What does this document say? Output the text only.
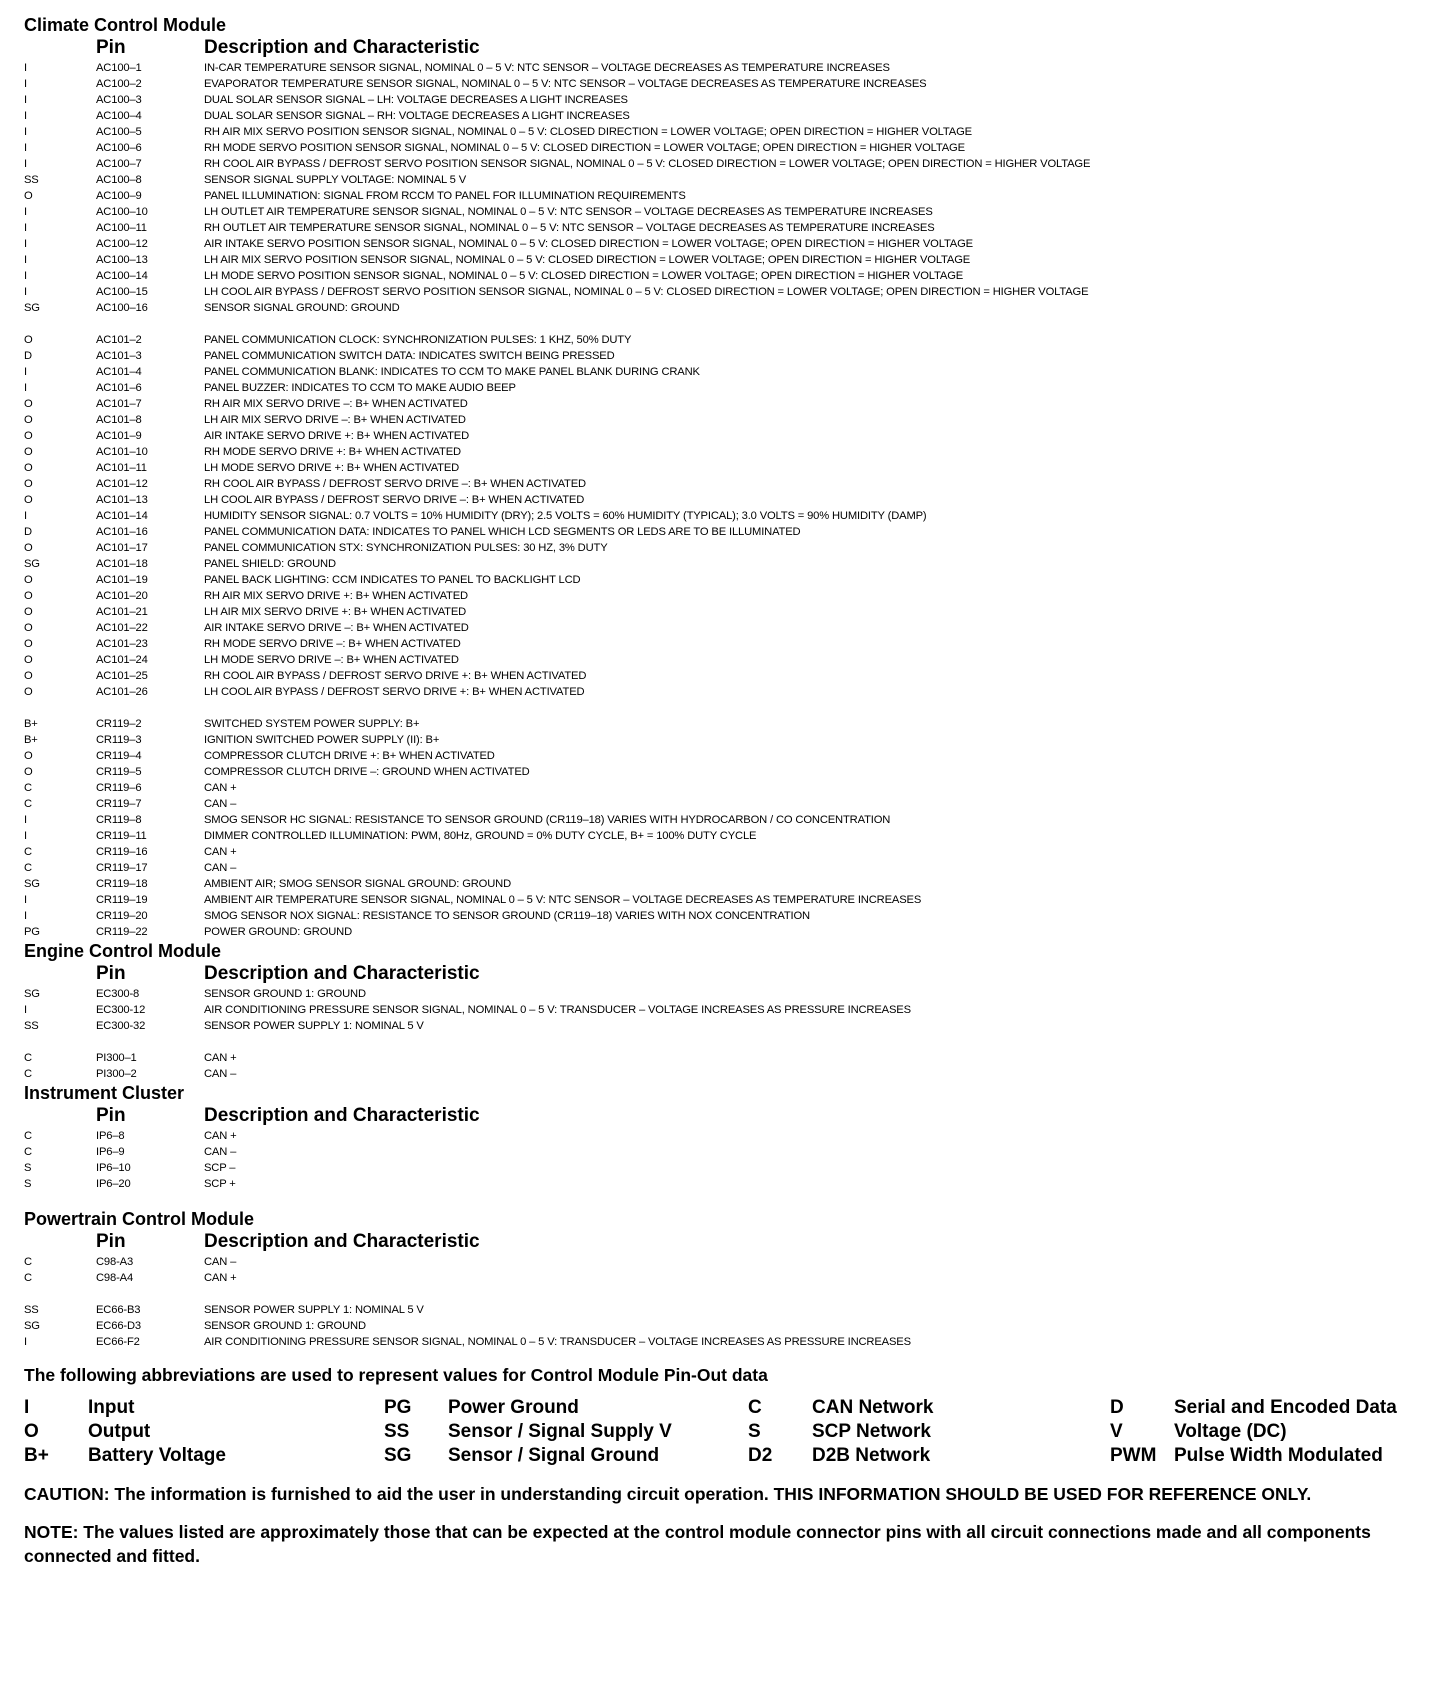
Climate Control Module
Pin	Description and Characteristic
I	AC100–1	IN-CAR TEMPERATURE SENSOR SIGNAL, NOMINAL 0 – 5 V: NTC SENSOR – VOLTAGE DECREASES AS TEMPERATURE INCREASES
I	AC100–2	EVAPORATOR TEMPERATURE SENSOR SIGNAL, NOMINAL 0 – 5 V: NTC SENSOR – VOLTAGE DECREASES AS TEMPERATURE INCREASES
I	AC100–3	DUAL SOLAR SENSOR SIGNAL – LH: VOLTAGE DECREASES A LIGHT INCREASES
I	AC100–4	DUAL SOLAR SENSOR SIGNAL – RH: VOLTAGE DECREASES A LIGHT INCREASES
I	AC100–5	RH AIR MIX SERVO POSITION SENSOR SIGNAL, NOMINAL 0 – 5 V: CLOSED DIRECTION = LOWER VOLTAGE; OPEN DIRECTION = HIGHER VOLTAGE
I	AC100–6	RH MODE SERVO POSITION SENSOR SIGNAL, NOMINAL 0 – 5 V: CLOSED DIRECTION = LOWER VOLTAGE; OPEN DIRECTION = HIGHER VOLTAGE
I	AC100–7	RH COOL AIR BYPASS / DEFROST SERVO POSITION SENSOR SIGNAL, NOMINAL 0 – 5 V: CLOSED DIRECTION = LOWER VOLTAGE; OPEN DIRECTION = HIGHER VOLTAGE
SS	AC100–8	SENSOR SIGNAL SUPPLY VOLTAGE: NOMINAL 5 V
O	AC100–9	PANEL ILLUMINATION: SIGNAL FROM RCCM TO PANEL FOR ILLUMINATION REQUIREMENTS
I	AC100–10	LH OUTLET AIR TEMPERATURE SENSOR SIGNAL, NOMINAL 0 – 5 V: NTC SENSOR – VOLTAGE DECREASES AS TEMPERATURE INCREASES
I	AC100–11	RH OUTLET AIR TEMPERATURE SENSOR SIGNAL, NOMINAL 0 – 5 V: NTC SENSOR – VOLTAGE DECREASES AS TEMPERATURE INCREASES
I	AC100–12	AIR INTAKE SERVO POSITION SENSOR SIGNAL, NOMINAL 0 – 5 V: CLOSED DIRECTION = LOWER VOLTAGE; OPEN DIRECTION = HIGHER VOLTAGE
I	AC100–13	LH AIR MIX SERVO POSITION SENSOR SIGNAL, NOMINAL 0 – 5 V: CLOSED DIRECTION = LOWER VOLTAGE; OPEN DIRECTION = HIGHER VOLTAGE
I	AC100–14	LH MODE SERVO POSITION SENSOR SIGNAL, NOMINAL 0 – 5 V: CLOSED DIRECTION = LOWER VOLTAGE; OPEN DIRECTION = HIGHER VOLTAGE
I	AC100–15	LH COOL AIR BYPASS / DEFROST SERVO POSITION SENSOR SIGNAL, NOMINAL 0 – 5 V: CLOSED DIRECTION = LOWER VOLTAGE; OPEN DIRECTION = HIGHER VOLTAGE
SG	AC100–16	SENSOR SIGNAL GROUND: GROUND
O	AC101–2	PANEL COMMUNICATION CLOCK: SYNCHRONIZATION PULSES: 1 KHZ, 50% DUTY
D	AC101–3	PANEL COMMUNICATION SWITCH DATA: INDICATES SWITCH BEING PRESSED
I	AC101–4	PANEL COMMUNICATION BLANK: INDICATES TO CCM TO MAKE PANEL BLANK DURING CRANK
I	AC101–6	PANEL BUZZER: INDICATES TO CCM TO MAKE AUDIO BEEP
O	AC101–7	RH AIR MIX SERVO DRIVE –: B+ WHEN ACTIVATED
O	AC101–8	LH AIR MIX SERVO DRIVE –: B+ WHEN ACTIVATED
O	AC101–9	AIR INTAKE SERVO DRIVE +: B+ WHEN ACTIVATED
O	AC101–10	RH MODE SERVO DRIVE +: B+ WHEN ACTIVATED
O	AC101–11	LH MODE SERVO DRIVE +: B+ WHEN ACTIVATED
O	AC101–12	RH COOL AIR BYPASS / DEFROST SERVO DRIVE –: B+ WHEN ACTIVATED
O	AC101–13	LH COOL AIR BYPASS / DEFROST SERVO DRIVE –: B+ WHEN ACTIVATED
I	AC101–14	HUMIDITY SENSOR SIGNAL: 0.7 VOLTS = 10% HUMIDITY (DRY); 2.5 VOLTS = 60% HUMIDITY (TYPICAL); 3.0 VOLTS = 90% HUMIDITY (DAMP)
D	AC101–16	PANEL COMMUNICATION DATA: INDICATES TO PANEL WHICH LCD SEGMENTS OR LEDS ARE TO BE ILLUMINATED
O	AC101–17	PANEL COMMUNICATION STX: SYNCHRONIZATION PULSES: 30 HZ, 3% DUTY
SG	AC101–18	PANEL SHIELD: GROUND
O	AC101–19	PANEL BACK LIGHTING: CCM INDICATES TO PANEL TO BACKLIGHT LCD
O	AC101–20	RH AIR MIX SERVO DRIVE +: B+ WHEN ACTIVATED
O	AC101–21	LH AIR MIX SERVO DRIVE +: B+ WHEN ACTIVATED
O	AC101–22	AIR INTAKE SERVO DRIVE –: B+ WHEN ACTIVATED
O	AC101–23	RH MODE SERVO DRIVE –: B+ WHEN ACTIVATED
O	AC101–24	LH MODE SERVO DRIVE –: B+ WHEN ACTIVATED
O	AC101–25	RH COOL AIR BYPASS / DEFROST SERVO DRIVE +: B+ WHEN ACTIVATED
O	AC101–26	LH COOL AIR BYPASS / DEFROST SERVO DRIVE +: B+ WHEN ACTIVATED
B+	CR119–2	SWITCHED SYSTEM POWER SUPPLY: B+
B+	CR119–3	IGNITION SWITCHED POWER SUPPLY (II): B+
O	CR119–4	COMPRESSOR CLUTCH DRIVE +: B+ WHEN ACTIVATED
O	CR119–5	COMPRESSOR CLUTCH DRIVE –: GROUND WHEN ACTIVATED
C	CR119–6	CAN +
C	CR119–7	CAN –
I	CR119–8	SMOG SENSOR HC SIGNAL: RESISTANCE TO SENSOR GROUND (CR119–18) VARIES WITH HYDROCARBON / CO CONCENTRATION
I	CR119–11	DIMMER CONTROLLED ILLUMINATION: PWM, 80Hz, GROUND = 0% DUTY CYCLE, B+ = 100% DUTY CYCLE
C	CR119–16	CAN +
C	CR119–17	CAN –
SG	CR119–18	AMBIENT AIR; SMOG SENSOR SIGNAL GROUND: GROUND
I	CR119–19	AMBIENT AIR TEMPERATURE SENSOR SIGNAL, NOMINAL 0 – 5 V: NTC SENSOR – VOLTAGE DECREASES AS TEMPERATURE INCREASES
I	CR119–20	SMOG SENSOR NOX SIGNAL: RESISTANCE TO SENSOR GROUND (CR119–18) VARIES WITH NOX CONCENTRATION
PG	CR119–22	POWER GROUND: GROUND
Engine Control Module
Pin	Description and Characteristic
SG	EC300-8	SENSOR GROUND 1: GROUND
I	EC300-12	AIR CONDITIONING PRESSURE SENSOR SIGNAL, NOMINAL 0 – 5 V: TRANSDUCER – VOLTAGE INCREASES AS PRESSURE INCREASES
SS	EC300-32	SENSOR POWER SUPPLY 1: NOMINAL 5 V
C	PI300–1	CAN +
C	PI300–2	CAN –
Instrument Cluster
Pin	Description and Characteristic
C	IP6–8	CAN +
C	IP6–9	CAN –
S	IP6–10	SCP –
S	IP6–20	SCP +
Powertrain Control Module
Pin	Description and Characteristic
C	C98-A3	CAN –
C	C98-A4	CAN +
SS	EC66-B3	SENSOR POWER SUPPLY 1: NOMINAL 5 V
SG	EC66-D3	SENSOR GROUND 1: GROUND
I	EC66-F2	AIR CONDITIONING PRESSURE SENSOR SIGNAL, NOMINAL 0 – 5 V: TRANSDUCER – VOLTAGE INCREASES AS PRESSURE INCREASES
The following abbreviations are used to represent values for Control Module Pin-Out data
I	Input	PG	Power Ground	C	CAN Network	D	Serial and Encoded Data
O	Output	SS	Sensor / Signal Supply V	S	SCP Network	V	Voltage (DC)
B+	Battery Voltage	SG	Sensor / Signal Ground	D2	D2B Network	PWM Pulse Width Modulated
CAUTION: The information is furnished to aid the user in understanding circuit operation. THIS INFORMATION SHOULD BE USED FOR REFERENCE ONLY.
NOTE: The values listed are approximately those that can be expected at the control module connector pins with all circuit connections made and all components connected and fitted.
